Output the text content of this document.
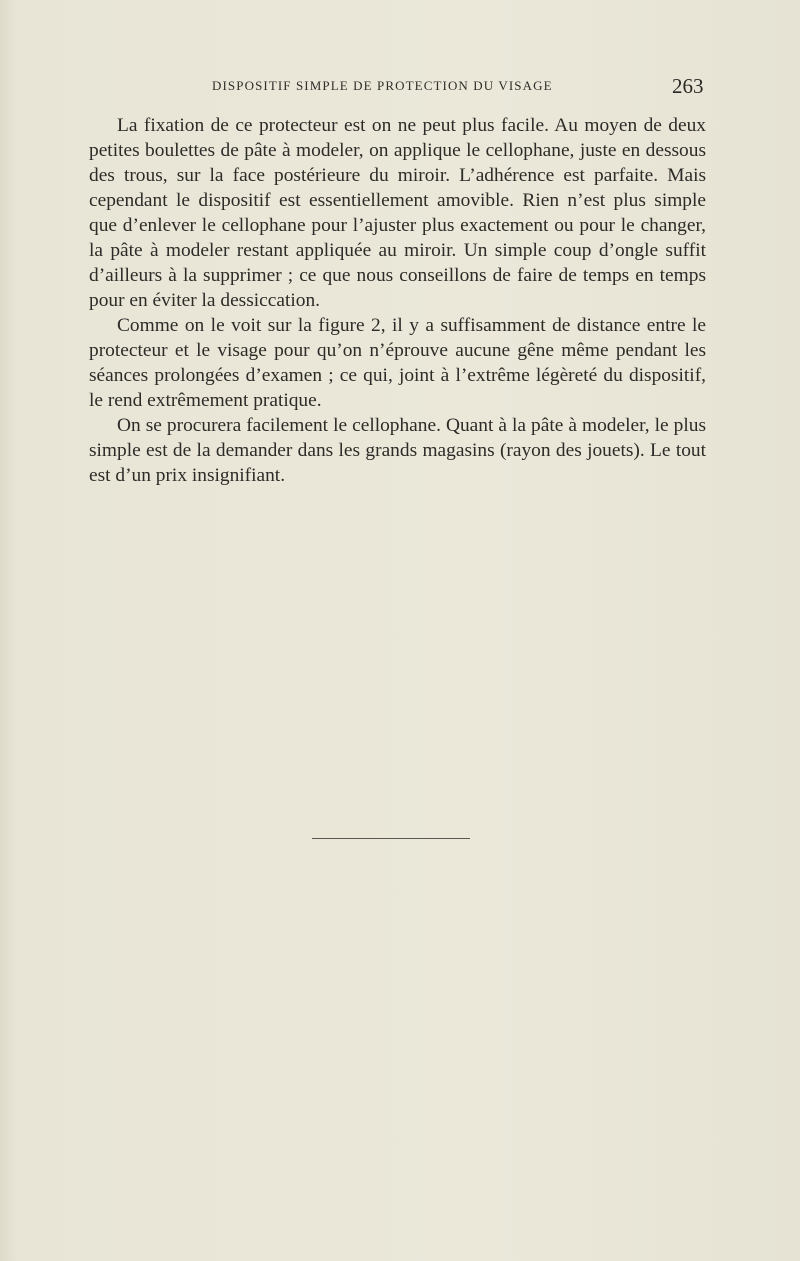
DISPOSITIF SIMPLE DE PROTECTION DU VISAGE	263

La fixation de ce protecteur est on ne peut plus facile. Au moyen de deux petites boulettes de pâte à modeler, on applique le cellophane, juste en dessous des trous, sur la face postérieure du miroir. L’adhérence est parfaite. Mais cependant le dispositif est essentiellement amovible. Rien n’est plus simple que d’enlever le cellophane pour l’ajuster plus exactement ou pour le changer, la pâte à modeler restant appliquée au miroir. Un simple coup d’ongle suffit d’ailleurs à la supprimer ; ce que nous conseillons de faire de temps en temps pour en éviter la dessiccation.

Comme on le voit sur la figure 2, il y a suffisamment de distance entre le protecteur et le visage pour qu’on n’éprouve aucune gêne même pendant les séances prolongées d’examen ; ce qui, joint à l’extrême légèreté du dispositif, le rend extrêmement pratique.

On se procurera facilement le cellophane. Quant à la pâte à modeler, le plus simple est de la demander dans les grands magasins (rayon des jouets). Le tout est d’un prix insignifiant.
